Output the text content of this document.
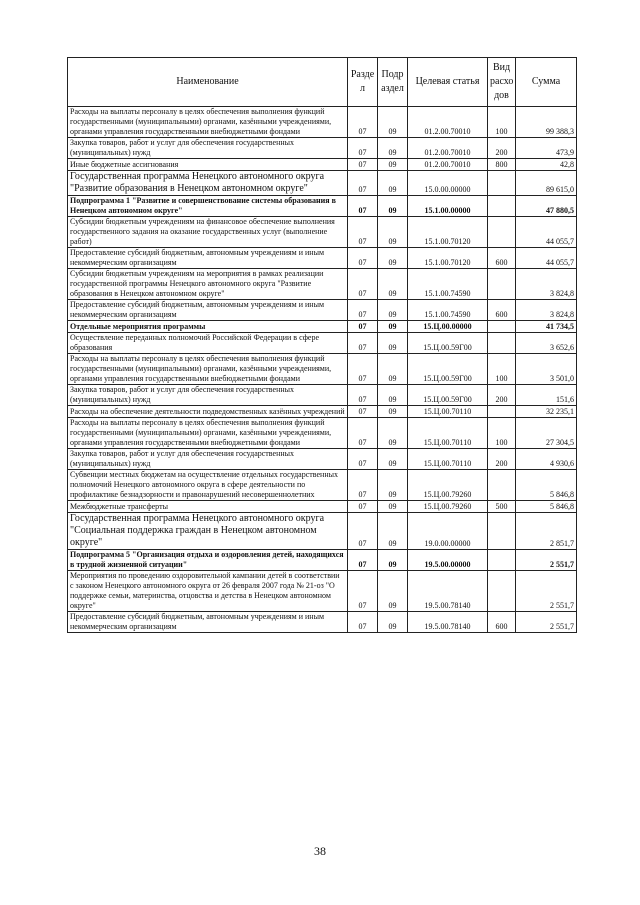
Наименование	Разде л	Подр аздел	Целевая статья	Вид расхо дов	Сумма
Расходы на выплаты персоналу в целях обеспечения выполнения функций государственными (муниципальными) органами, казёнными учреждениями, органами управления государственными внебюджетными фондами	07	09	01.2.00.70010	100	99 388,3
Закупка товаров, работ и услуг для обеспечения государственных (муниципальных) нужд	07	09	01.2.00.70010	200	473,9
Иные бюджетные ассигнования	07	09	01.2.00.70010	800	42,8
Государственная программа Ненецкого автономного округа "Развитие образования в Ненецком автономном округе"	07	09	15.0.00.00000		89 615,0
Подпрограмма 1 "Развитие и совершенствование системы образования в Ненецком автономном округе"	07	09	15.1.00.00000		47 880,5
Субсидии бюджетным учреждениям на финансовое обеспечение выполнения государственного задания на оказание государственных услуг (выполнение работ)	07	09	15.1.00.70120		44 055,7
Предоставление субсидий бюджетным, автономным учреждениям и иным некоммерческим организациям	07	09	15.1.00.70120	600	44 055,7
Субсидии бюджетным учреждениям на мероприятия в рамках реализации государственной программы Ненецкого автономного округа "Развитие образования в Ненецком автономном округе"	07	09	15.1.00.74590		3 824,8
Предоставление субсидий бюджетным, автономным учреждениям и иным некоммерческим организациям	07	09	15.1.00.74590	600	3 824,8
Отдельные мероприятия программы	07	09	15.Ц.00.00000		41 734,5
Осуществление переданных полномочий Российской Федерации в сфере образования	07	09	15.Ц.00.59Г00		3 652,6
Расходы на выплаты персоналу в целях обеспечения выполнения функций государственными (муниципальными) органами, казёнными учреждениями, органами управления государственными внебюджетными фондами	07	09	15.Ц.00.59Г00	100	3 501,0
Закупка товаров, работ и услуг для обеспечения государственных (муниципальных) нужд	07	09	15.Ц.00.59Г00	200	151,6
Расходы на обеспечение деятельности подведомственных казённых учреждений	07	09	15.Ц.00.70110		32 235,1
Расходы на выплаты персоналу в целях обеспечения выполнения функций государственными (муниципальными) органами, казёнными учреждениями, органами управления государственными внебюджетными фондами	07	09	15.Ц.00.70110	100	27 304,5
Закупка товаров, работ и услуг для обеспечения государственных (муниципальных) нужд	07	09	15.Ц.00.70110	200	4 930,6
Субвенции местных бюджетам на осуществление отдельных государственных полномочий Ненецкого автономного округа в сфере деятельности по профилактике безнадзорности и правонарушений несовершеннолетних	07	09	15.Ц.00.79260		5 846,8
Межбюджетные трансферты	07	09	15.Ц.00.79260	500	5 846,8
Государственная программа Ненецкого автономного округа "Социальная поддержка граждан в Ненецком автономном округе"	07	09	19.0.00.00000		2 851,7
Подпрограмма 5 "Организация отдыха и оздоровления детей, находящихся в трудной жизненной ситуации"	07	09	19.5.00.00000		2 551,7
Мероприятия по проведению оздоровительной кампании детей в соответствии с законом Ненецкого автономного округа от 26 февраля 2007 года № 21-оз "О поддержке семьи, материнства, отцовства и детства в Ненецком автономном округе"	07	09	19.5.00.78140		2 551,7
Предоставление субсидий бюджетным, автономным учреждениям и иным некоммерческим организациям	07	09	19.5.00.78140	600	2 551,7
38
